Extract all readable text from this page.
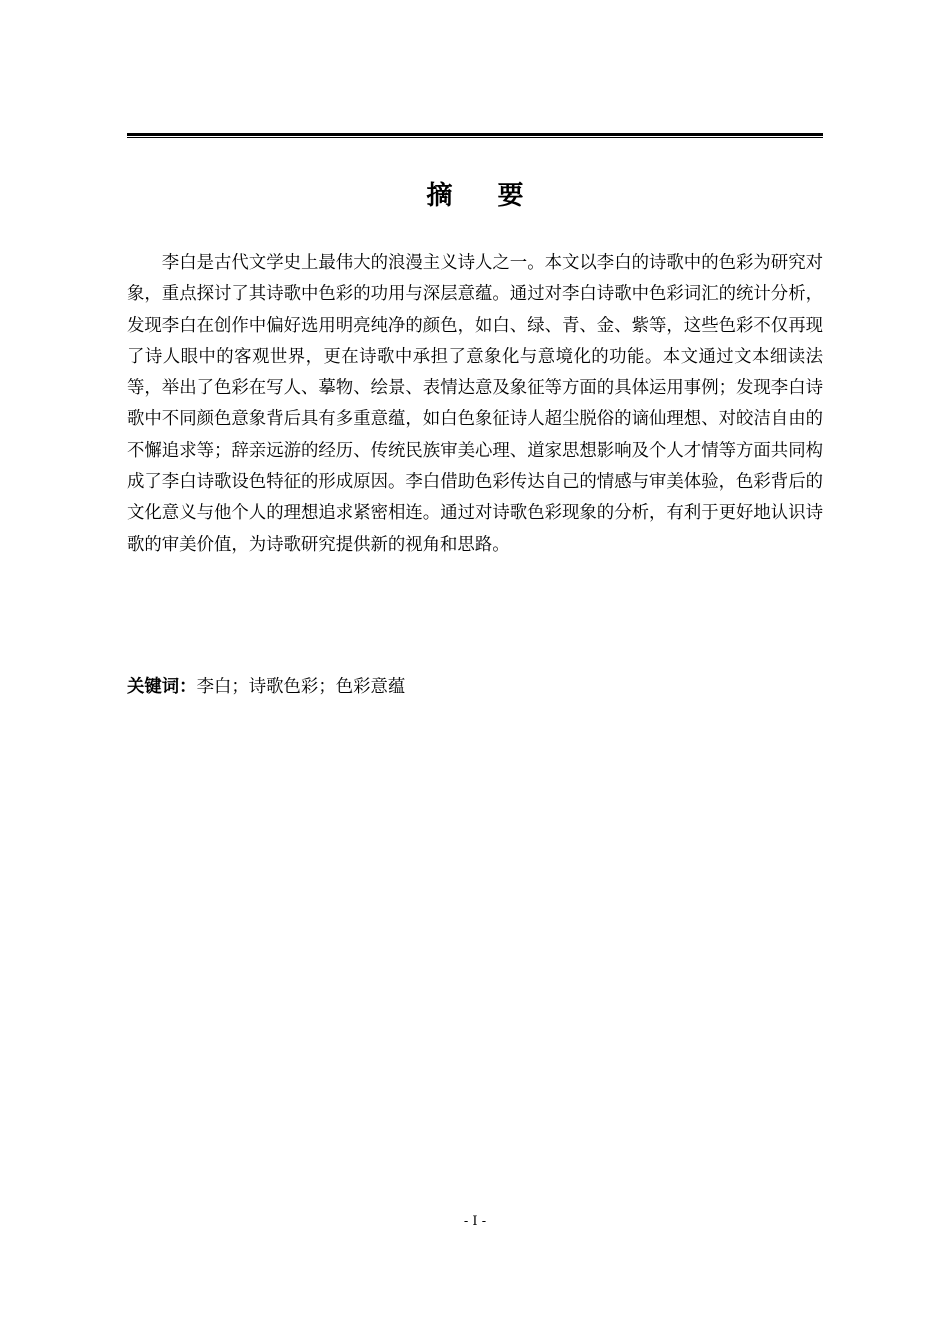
摘 要

李白是古代文学史上最伟大的浪漫主义诗人之一。本文以李白的诗歌中的色彩为研究对象，重点探讨了其诗歌中色彩的功用与深层意蕴。通过对李白诗歌中色彩词汇的统计分析，发现李白在创作中偏好选用明亮纯净的颜色，如白、绿、青、金、紫等，这些色彩不仅再现了诗人眼中的客观世界，更在诗歌中承担了意象化与意境化的功能。本文通过文本细读法等，举出了色彩在写人、摹物、绘景、表情达意及象征等方面的具体运用事例；发现李白诗歌中不同颜色意象背后具有多重意蕴，如白色象征诗人超尘脱俗的谪仙理想、对皎洁自由的不懈追求等；辞亲远游的经历、传统民族审美心理、道家思想影响及个人才情等方面共同构成了李白诗歌设色特征的形成原因。李白借助色彩传达自己的情感与审美体验，色彩背后的文化意义与他个人的理想追求紧密相连。通过对诗歌色彩现象的分析，有利于更好地认识诗歌的审美价值，为诗歌研究提供新的视角和思路。

关键词：李白；诗歌色彩；色彩意蕴
- I -
